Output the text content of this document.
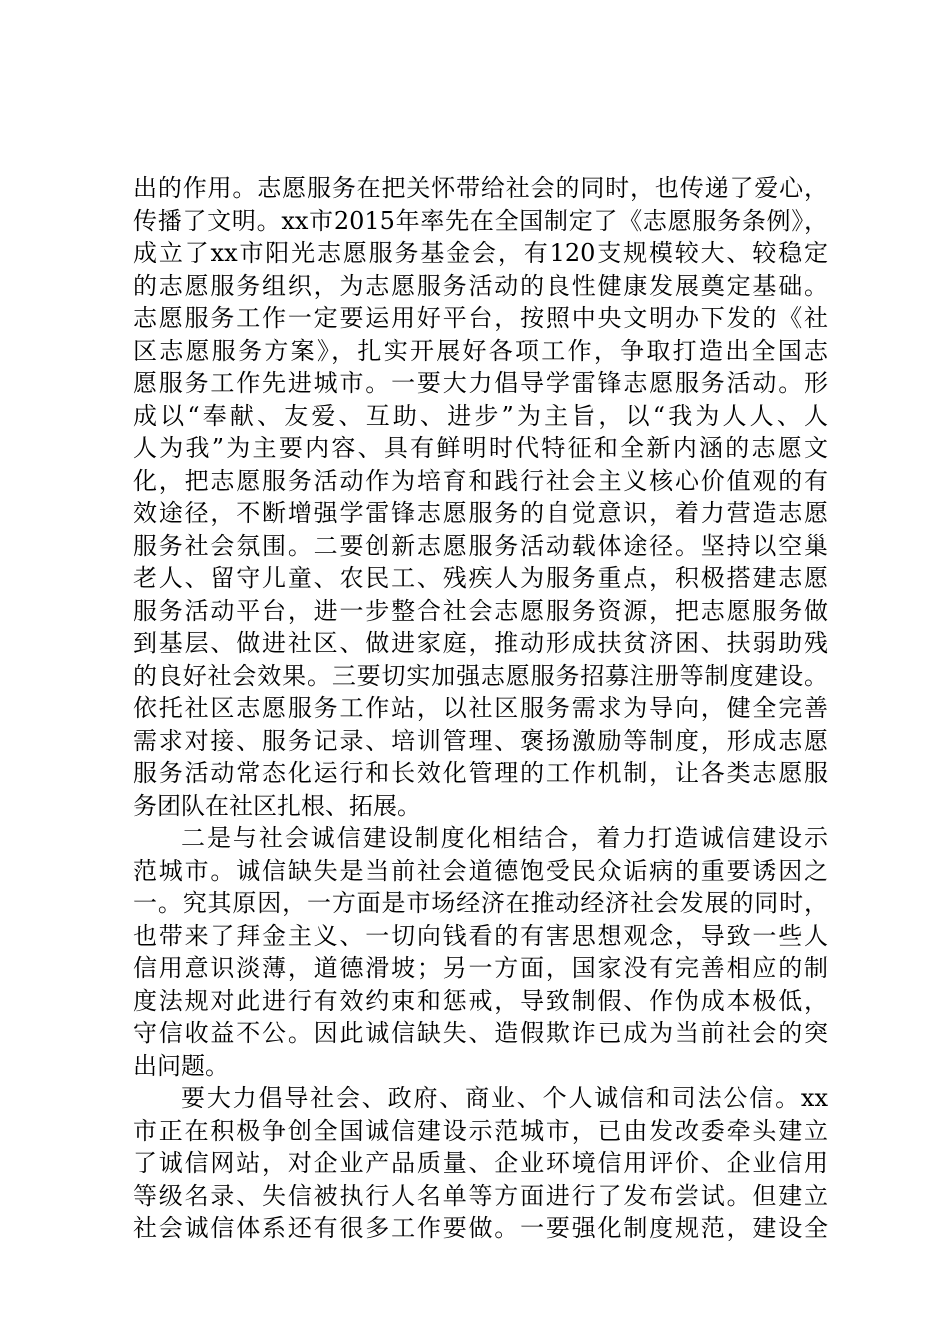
出的作用。志愿服务在把关怀带给社会的同时，也传递了爱心，
传播了文明。xx市2015年率先在全国制定了《志愿服务条例》，
成立了xx市阳光志愿服务基金会，有120支规模较大、较稳定
的志愿服务组织，为志愿服务活动的良性健康发展奠定基础。
志愿服务工作一定要运用好平台，按照中央文明办下发的《社
区志愿服务方案》，扎实开展好各项工作，争取打造出全国志
愿服务工作先进城市。一要大力倡导学雷锋志愿服务活动。形
成以“奉献、友爱、互助、进步”为主旨，以“我为人人、人
人为我”为主要内容、具有鲜明时代特征和全新内涵的志愿文
化，把志愿服务活动作为培育和践行社会主义核心价值观的有
效途径，不断增强学雷锋志愿服务的自觉意识，着力营造志愿
服务社会氛围。二要创新志愿服务活动载体途径。坚持以空巢
老人、留守儿童、农民工、残疾人为服务重点，积极搭建志愿
服务活动平台，进一步整合社会志愿服务资源，把志愿服务做
到基层、做进社区、做进家庭，推动形成扶贫济困、扶弱助残
的良好社会效果。三要切实加强志愿服务招募注册等制度建设。
依托社区志愿服务工作站，以社区服务需求为导向，健全完善
需求对接、服务记录、培训管理、褒扬激励等制度，形成志愿
服务活动常态化运行和长效化管理的工作机制，让各类志愿服
务团队在社区扎根、拓展。
二是与社会诚信建设制度化相结合，着力打造诚信建设示
范城市。诚信缺失是当前社会道德饱受民众诟病的重要诱因之
一。究其原因，一方面是市场经济在推动经济社会发展的同时，
也带来了拜金主义、一切向钱看的有害思想观念，导致一些人
信用意识淡薄，道德滑坡；另一方面，国家没有完善相应的制
度法规对此进行有效约束和惩戒，导致制假、作伪成本极低，
守信收益不公。因此诚信缺失、造假欺诈已成为当前社会的突
出问题。
要大力倡导社会、政府、商业、个人诚信和司法公信。xx
市正在积极争创全国诚信建设示范城市，已由发改委牵头建立
了诚信网站，对企业产品质量、企业环境信用评价、企业信用
等级名录、失信被执行人名单等方面进行了发布尝试。但建立
社会诚信体系还有很多工作要做。一要强化制度规范，建设全
